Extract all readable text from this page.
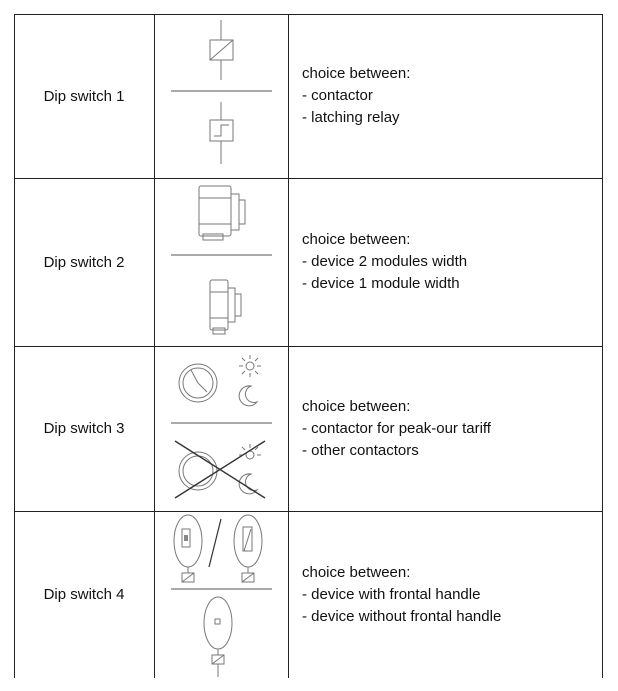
Dip switch 1
choice between:
- contactor
- latching relay
Dip switch 2
choice between:
- device 2 modules width
- device 1 module width
Dip switch 3
choice between:
- contactor for peak-our tariff
- other contactors
Dip switch 4
choice between:
- device with frontal handle
- device without frontal handle
